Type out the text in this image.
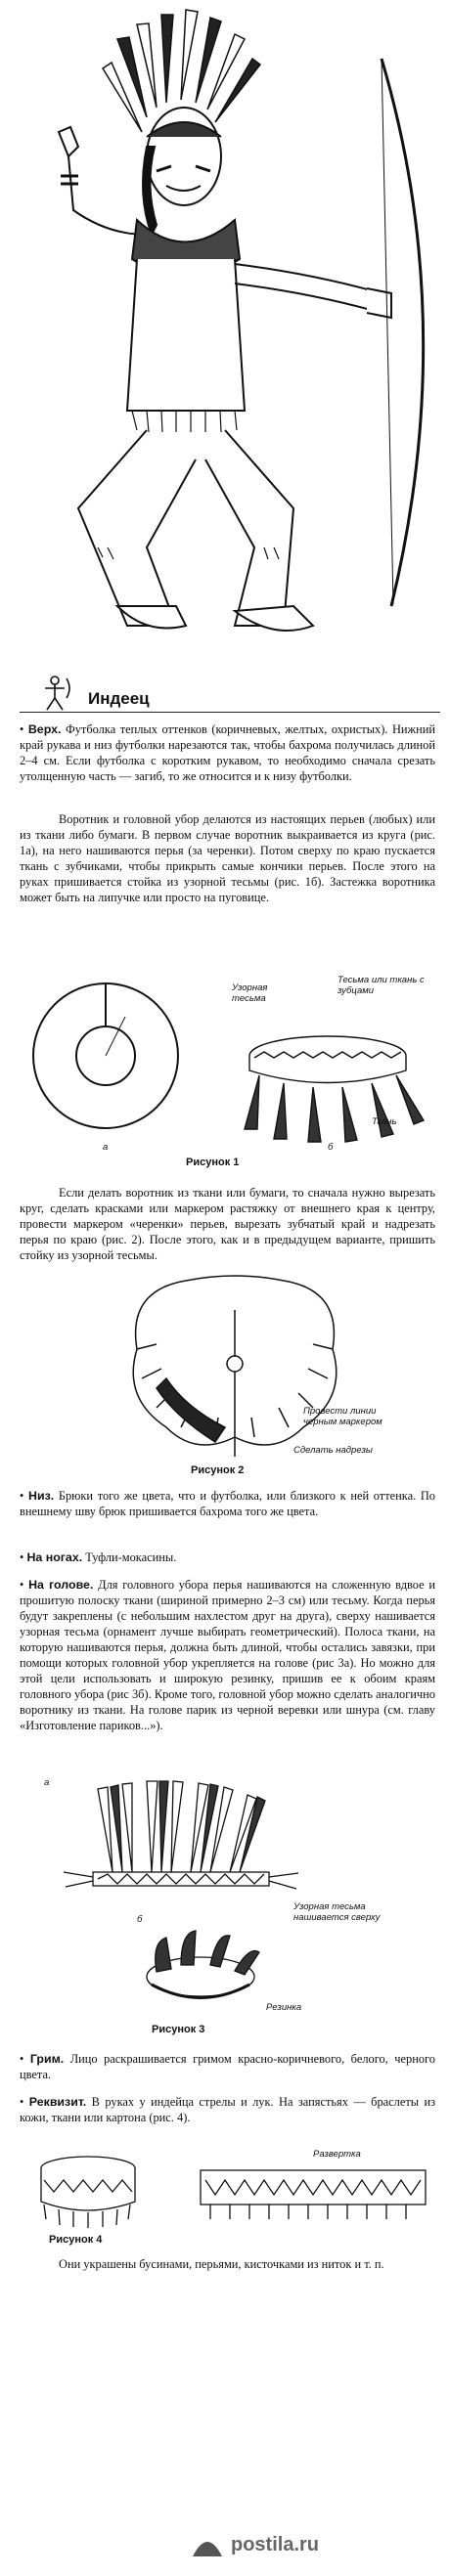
Индеец

• Верх. Футболка теплых оттенков (коричневых, желтых, охристых). Нижний край рукава и низ футболки нарезаются так, чтобы бахрома получилась длиной 2–4 см. Если футболка с коротким рукавом, то необходимо сначала срезать утолщенную часть — загиб, то же относится и к низу футболки.

Воротник и головной убор делаются из настоящих перьев (любых) или из ткани либо бумаги. В первом случае воротник выкраивается из круга (рис. 1а), на него нашиваются перья (за черенки). Потом сверху по краю пускается ткань с зубчиками, чтобы прикрыть самые кончики перьев. После этого на руках пришивается стойка из узорной тесьмы (рис. 1б). Застежка воротника может быть на липучке или просто на пуговице.

Узорная тесьма
Тесьма или ткань с зубцами
Ткань
а	б
Рисунок 1

Если делать воротник из ткани или бумаги, то сначала нужно вырезать круг, сделать красками или маркером растяжку от внешнего края к центру, провести маркером «черенки» перьев, вырезать зубчатый край и надрезать перья по краю (рис. 2). После этого, как и в предыдущем варианте, пришить стойку из узорной тесьмы.

Провести линии черным маркером
Сделать надрезы
Рисунок 2

• Низ. Брюки того же цвета, что и футболка, или близкого к ней оттенка. По внешнему шву брюк пришивается бахрома того же цвета.

• На ногах. Туфли-мокасины.

• На голове. Для головного убора перья нашиваются на сложенную вдвое и прошитую полоску ткани (шириной примерно 2–3 см) или тесьму. Когда перья будут закреплены (с небольшим нахлестом друг на друга), сверху нашивается узорная тесьма (орнамент лучше выбирать геометрический). Полоса ткани, на которую нашиваются перья, должна быть длиной, чтобы остались завязки, при помощи которых головной убор укрепляется на голове (рис 3а). Но можно для этой цели использовать и широкую резинку, пришив ее к обоим краям головного убора (рис 3б). Кроме того, головной убор можно сделать аналогично воротнику из ткани. На голове парик из черной веревки или шнура (см. главу «Изготовление париков...»).

а
Узорная тесьма нашивается сверху
б
Резинка
Рисунок 3

• Грим. Лицо раскрашивается гримом красно-коричневого, белого, черного цвета.

• Реквизит. В руках у индейца стрелы и лук. На запястьях — браслеты из кожи, ткани или картона (рис. 4).

Развертка
Рисунок 4

Они украшены бусинами, перьями, кисточками из ниток и т. п.

postila.ru
